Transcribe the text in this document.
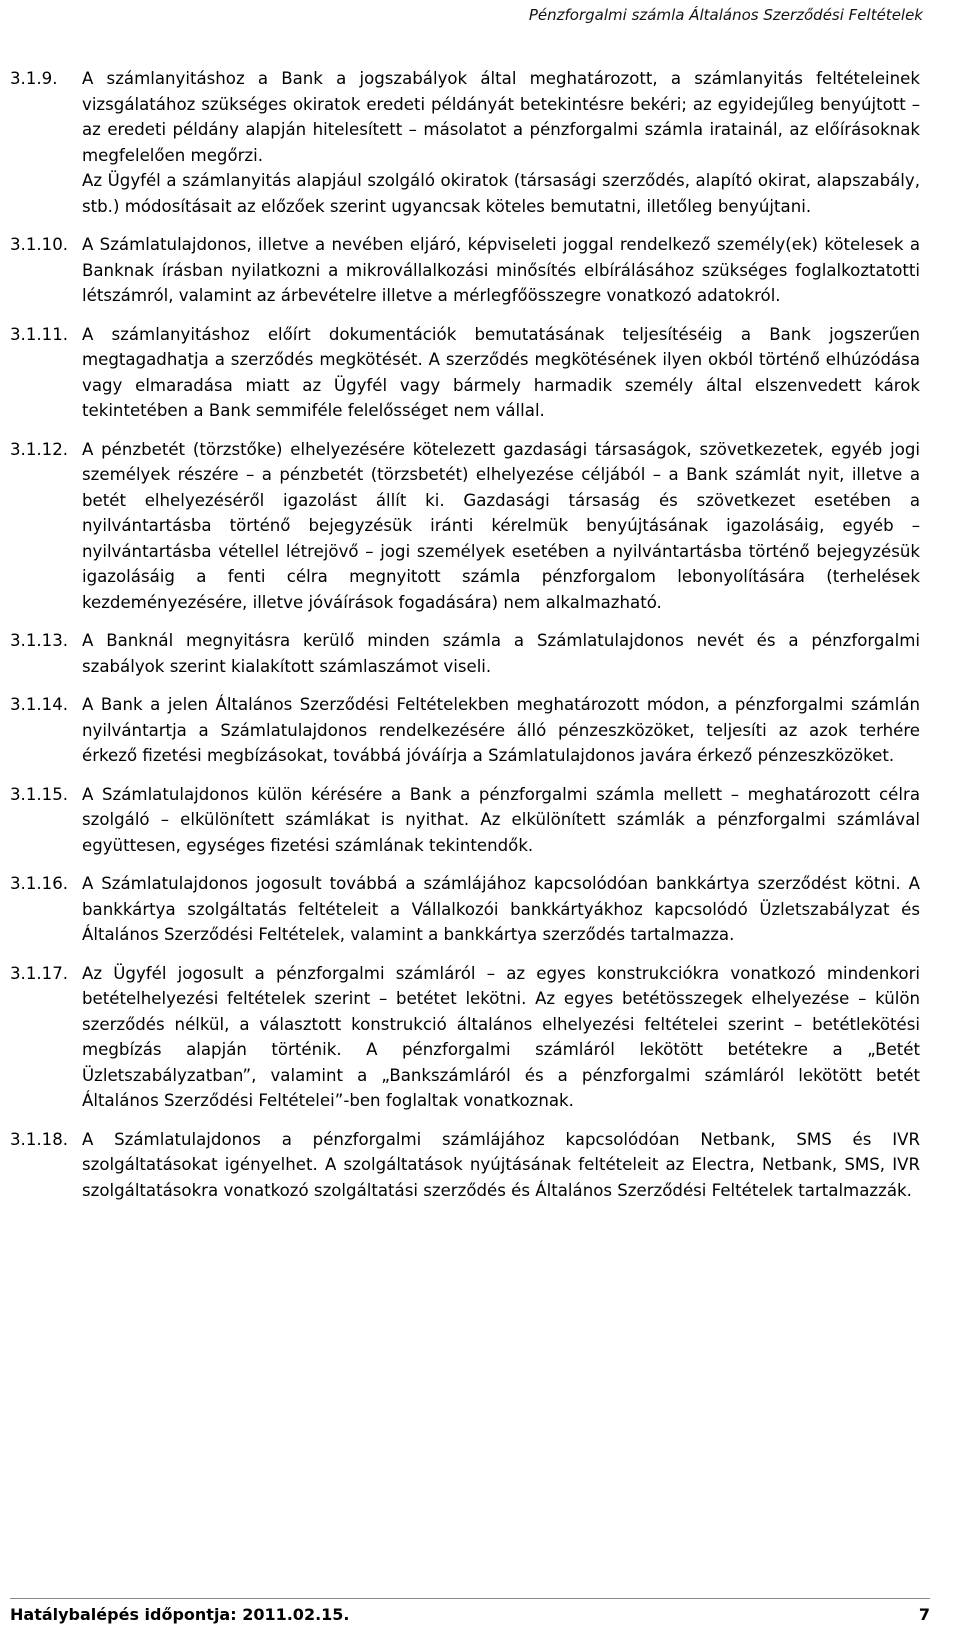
Pénzforgalmi számla Általános Szerződési Feltételek
3.1.9.	A számlanyitáshoz a Bank a jogszabályok által meghatározott, a számlanyitás feltételeinek vizsgálatához szükséges okiratok eredeti példányát betekintésre bekéri; az egyidejűleg benyújtott – az eredeti példány alapján hitelesített – másolatot a pénzforgalmi számla iratainál, az előírásoknak megfelelően megőrzi.

Az Ügyfél a számlanyitás alapjául szolgáló okiratok (társasági szerződés, alapító okirat, alapszabály, stb.) módosításait az előzőek szerint ugyancsak köteles bemutatni, illetőleg benyújtani.

3.1.10. A Számlatulajdonos, illetve a nevében eljáró, képviseleti joggal rendelkező személy(ek) kötelesek a Banknak írásban nyilatkozni a mikrovállalkozási minősítés elbírálásához szükséges foglalkoztatotti létszámról, valamint az árbevételre illetve a mérlegfőösszegre vonatkozó adatokról.

3.1.11. A számlanyitáshoz előírt dokumentációk bemutatásának teljesítéséig a Bank jogszerűen megtagadhatja a szerződés megkötését. A szerződés megkötésének ilyen okból történő elhúzódása vagy elmaradása miatt az Ügyfél vagy bármely harmadik személy által elszenvedett károk tekintetében a Bank semmiféle felelősséget nem vállal.

3.1.12. A pénzbetét (törzstőke) elhelyezésére kötelezett gazdasági társaságok, szövetkezetek, egyéb jogi személyek részére – a pénzbetét (törzsbetét) elhelyezése céljából – a Bank számlát nyit, illetve a betét elhelyezéséről igazolást állít ki. Gazdasági társaság és szövetkezet esetében a nyilvántartásba történő bejegyzésük iránti kérelmük benyújtásának igazolásáig, egyéb – nyilvántartásba vétellel létrejövő – jogi személyek esetében a nyilvántartásba történő bejegyzésük igazolásáig a fenti célra megnyitott számla pénzforgalom lebonyolítására (terhelések kezdeményezésére, illetve jóváírások fogadására) nem alkalmazható.

3.1.13. A Banknál megnyitásra kerülő minden számla a Számlatulajdonos nevét és a pénzforgalmi szabályok szerint kialakított számlaszámot viseli.

3.1.14. A Bank a jelen Általános Szerződési Feltételekben meghatározott módon, a pénzforgalmi számlán nyilvántartja a Számlatulajdonos rendelkezésére álló pénzeszközöket, teljesíti az azok terhére érkező fizetési megbízásokat, továbbá jóváírja a Számlatulajdonos javára érkező pénzeszközöket.

3.1.15. A Számlatulajdonos külön kérésére a Bank a pénzforgalmi számla mellett – meghatározott célra szolgáló – elkülönített számlákat is nyithat. Az elkülönített számlák a pénzforgalmi számlával együttesen, egységes fizetési számlának tekintendők.

3.1.16. A Számlatulajdonos jogosult továbbá a számlájához kapcsolódóan bankkártya szerződést kötni. A bankkártya szolgáltatás feltételeit a Vállalkozói bankkártyákhoz kapcsolódó Üzletszabályzat és Általános Szerződési Feltételek, valamint a bankkártya szerződés tartalmazza.

3.1.17. Az Ügyfél jogosult a pénzforgalmi számláról – az egyes konstrukciókra vonatkozó mindenkori betételhelyezési feltételek szerint – betétet lekötni. Az egyes betétösszegek elhelyezése – külön szerződés nélkül, a választott konstrukció általános elhelyezési feltételei szerint – betétlekötési megbízás alapján történik. A pénzforgalmi számláról lekötött betétekre a „Betét Üzletszabályzatban”, valamint a „Bankszámláról és a pénzforgalmi számláról lekötött betét Általános Szerződési Feltételei”-ben foglaltak vonatkoznak.

3.1.18. A Számlatulajdonos a pénzforgalmi számlájához kapcsolódóan Netbank, SMS és IVR szolgáltatásokat igényelhet. A szolgáltatások nyújtásának feltételeit az Electra, Netbank, SMS, IVR szolgáltatásokra vonatkozó szolgáltatási szerződés és Általános Szerződési Feltételek tartalmazzák.

Hatálybalépés időpontja: 2011.02.15.	7
